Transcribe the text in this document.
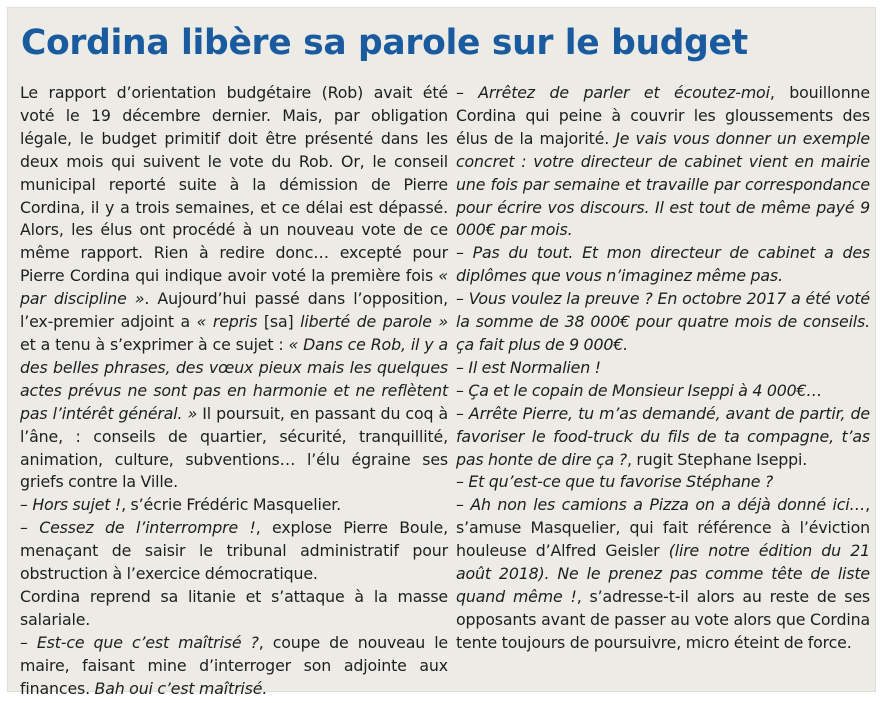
Cordina libère sa parole sur le budget

Le rapport d’orientation budgétaire (Rob) avait été voté le 19 décembre dernier. Mais, par obligation légale, le budget primitif doit être présenté dans les deux mois qui suivent le vote du Rob. Or, le conseil municipal reporté suite à la démission de Pierre Cordina, il y a trois semaines, et ce délai est dépassé. Alors, les élus ont procédé à un nouveau vote de ce même rapport. Rien à redire donc… excepté pour Pierre Cordina qui indique avoir voté la première fois « par discipline ». Aujourd’hui passé dans l’opposition, l’ex-premier adjoint a « repris [sa] liberté de parole » et a tenu à s’exprimer à ce sujet : « Dans ce Rob, il y a des belles phrases, des vœux pieux mais les quelques actes prévus ne sont pas en harmonie et ne reflètent pas l’intérêt général. » Il poursuit, en passant du coq à l’âne, : conseils de quartier, sécurité, tranquillité, animation, culture, subventions… l’élu égraine ses griefs contre la Ville.

– Hors sujet !, s’écrie Frédéric Masquelier.

– Cessez de l’interrompre !, explose Pierre Boule, menaçant de saisir le tribunal administratif pour obstruction à l’exercice démocratique.

Cordina reprend sa litanie et s’attaque à la masse salariale.

– Est-ce que c’est maîtrisé ?, coupe de nouveau le maire, faisant mine d’interroger son adjointe aux finances. Bah oui c’est maîtrisé.

– Arrêtez de parler et écoutez-moi, bouillonne Cordina qui peine à couvrir les gloussements des élus de la majorité. Je vais vous donner un exemple concret : votre directeur de cabinet vient en mairie une fois par semaine et travaille par correspondance pour écrire vos discours. Il est tout de même payé 9 000€ par mois.

– Pas du tout. Et mon directeur de cabinet a des diplômes que vous n’imaginez même pas.

– Vous voulez la preuve ? En octobre 2017 a été voté la somme de 38 000€ pour quatre mois de conseils. ça fait plus de 9 000€.

– Il est Normalien !

– Ça et le copain de Monsieur Iseppi à 4 000€…

– Arrête Pierre, tu m’as demandé, avant de partir, de favoriser le food-truck du fils de ta compagne, t’as pas honte de dire ça ?, rugit Stephane Iseppi.

– Et qu’est-ce que tu favorise Stéphane ?

– Ah non les camions a Pizza on a déjà donné ici…, s’amuse Masquelier, qui fait référence à l’éviction houleuse d’Alfred Geisler (lire notre édition du 21 août 2018). Ne le prenez pas comme tête de liste quand même !, s’adresse-t-il alors au reste de ses opposants avant de passer au vote alors que Cordina tente toujours de poursuivre, micro éteint de force.
